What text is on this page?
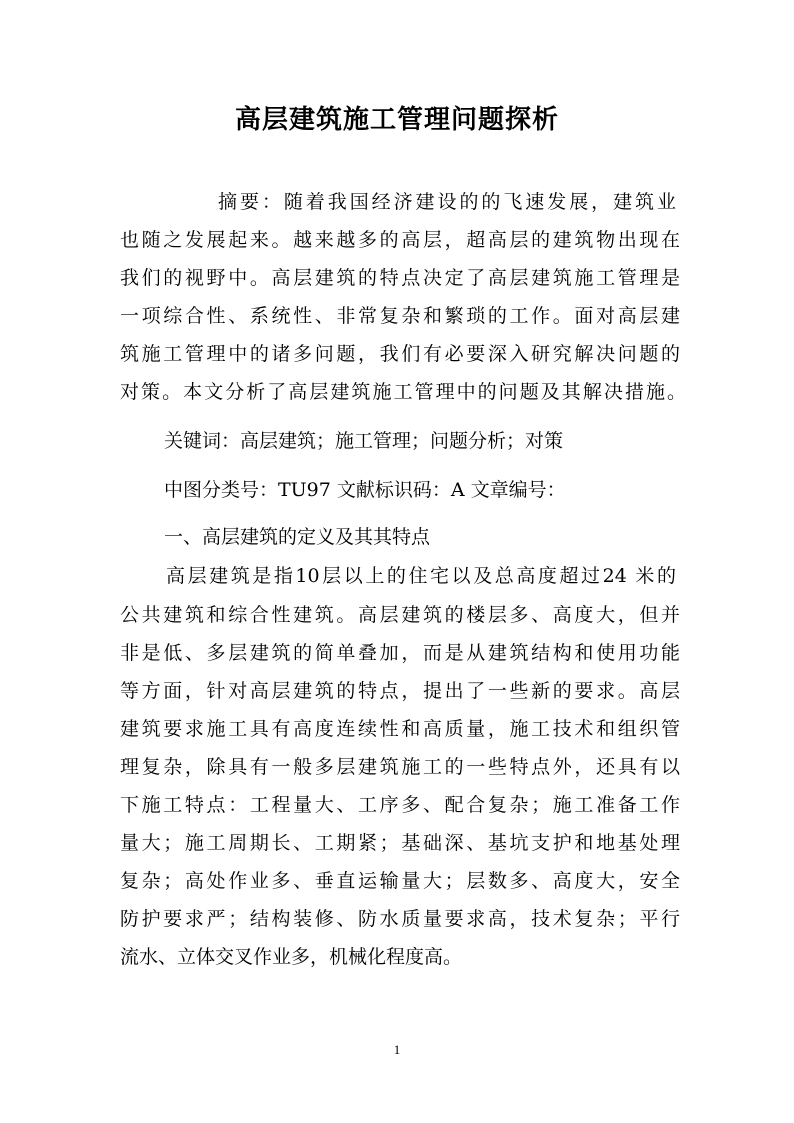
高层建筑施工管理问题探析
摘要：随着我国经济建设的的飞速发展，建筑业
也随之发展起来。越来越多的高层，超高层的建筑物出现在
我们的视野中。高层建筑的特点决定了高层建筑施工管理是
一项综合性、系统性、非常复杂和繁琐的工作。面对高层建
筑施工管理中的诸多问题，我们有必要深入研究解决问题的
对策。本文分析了高层建筑施工管理中的问题及其解决措施。
关键词：高层建筑；施工管理；问题分析；对策
中图分类号：TU97 文献标识码：A 文章编号：
一、高层建筑的定义及其其特点
高层建筑是指10层以上的住宅以及总高度超过24 米的
公共建筑和综合性建筑。高层建筑的楼层多、高度大，但并
非是低、多层建筑的简单叠加，而是从建筑结构和使用功能
等方面，针对高层建筑的特点，提出了一些新的要求。高层
建筑要求施工具有高度连续性和高质量，施工技术和组织管
理复杂，除具有一般多层建筑施工的一些特点外，还具有以
下施工特点：工程量大、工序多、配合复杂；施工准备工作
量大；施工周期长、工期紧；基础深、基坑支护和地基处理
复杂；高处作业多、垂直运输量大；层数多、高度大，安全
防护要求严；结构装修、防水质量要求高，技术复杂；平行
流水、立体交叉作业多，机械化程度高。
1
